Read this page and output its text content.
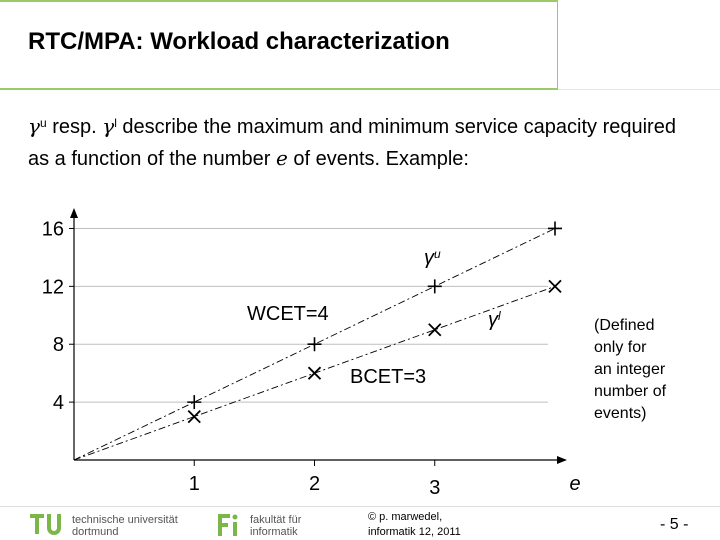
RTC/MPA: Workload characterization
$\gamma^u$ resp. $\gamma^l$ describe the maximum and minimum service capacity required as a function of the number e of events. Example:
4
8
12
16
1	2	3	e
$\gamma^u$
$\gamma^l$
WCET=4
BCET=3
(Defined
only for
an integer
number of
events)
technische universität
dortmund
fakultät für
informatik
© p. marwedel,
informatik 12, 2011	- 5 -
